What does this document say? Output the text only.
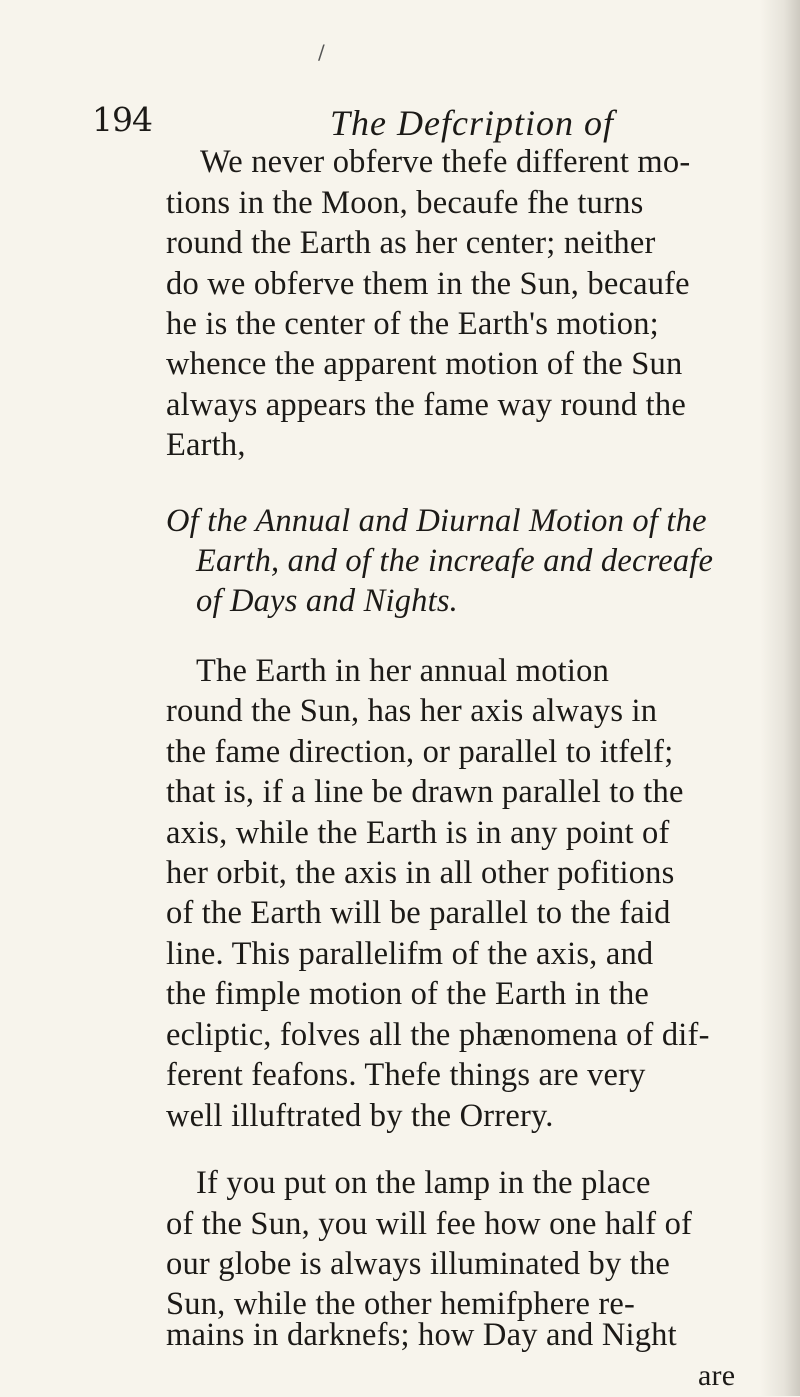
/
194	The Defcription of
We never obferve thefe different mo-
tions in the Moon, becaufe fhe turns
round the Earth as her center; neither
do we obferve them in the Sun, becaufe
he is the center of the Earth's motion;
whence the apparent motion of the Sun
always appears the fame way round the
Earth,
Of the Annual and Diurnal Motion of the
Earth, and of the increafe and decreafe
of Days and Nights.
The Earth in her annual motion
round the Sun, has her axis always in
the fame direction, or parallel to itfelf;
that is, if a line be drawn parallel to the
axis, while the Earth is in any point of
her orbit, the axis in all other pofitions
of the Earth will be parallel to the faid
line. This parallelifm of the axis, and
the fimple motion of the Earth in the
ecliptic, folves all the phænomena of dif-
ferent feafons. Thefe things are very
well illuftrated by the Orrery.
If you put on the lamp in the place
of the Sun, you will fee how one half of
our globe is always illuminated by the
Sun, while the other hemifphere re-
mains in darknefs; how Day and Night
are
